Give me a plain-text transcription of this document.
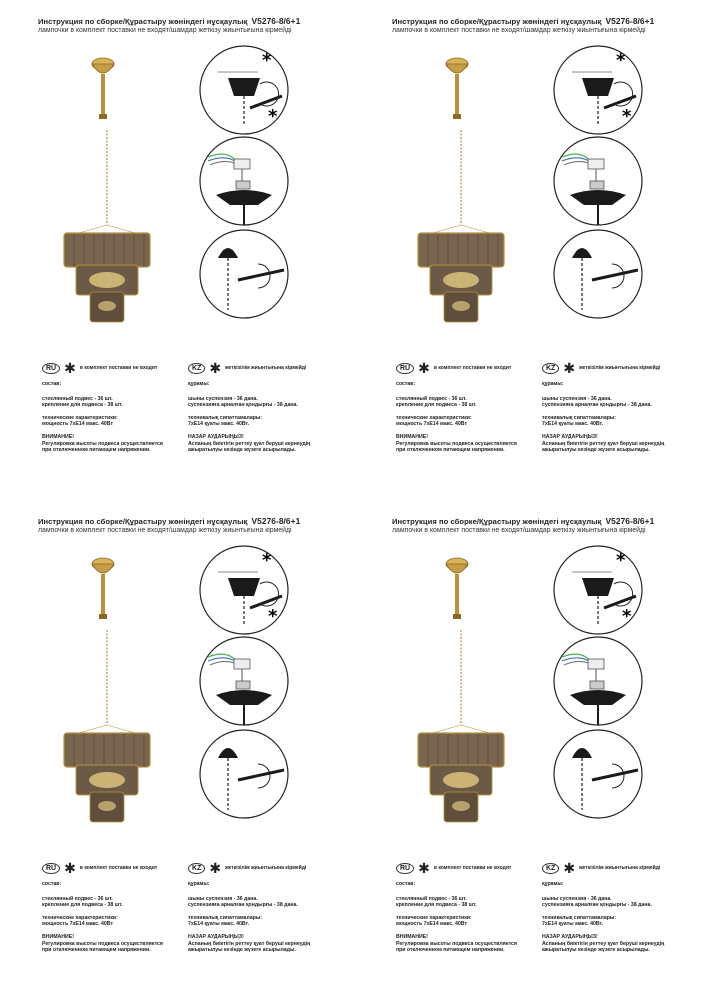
Инструкция по сборке/Құрастыру жөніндегі нұсқаулық V5276-8/6+1
лампочки в комплект поставки не входят/шамдар жеткізу жиынтығына кірмейді
*
*
RU ✱ в комплект поставки не входит
состав:
стеклянный подвес - 36 шт.
крепление для подвеса - 38 шт.
технические характеристики:
мощность 7хЕ14 макс. 40Вт
ВНИМАНИЕ!
Регулировка высоты подвеса осуществляется
при отключенном питающем напряжении.
KZ ✱ жеткізілім жиынтығына кірмейді
құрамы:
шыны суспензия - 36 дана.
суспензияға арналған қондырғы - 38 дана.
техникалық сипаттамалары:
7хЕ14 қуаты макс. 40Вт.
НАЗАР АУДАРЫҢЫЗ!
Аспаның биіктігін реттеу қуат беруші кернеудің
ажыратылуы кезінде жүзеге асырылады.
Инструкция по сборке/Құрастыру жөніндегі нұсқаулық V5276-8/6+1
лампочки в комплект поставки не входят/шамдар жеткізу жиынтығына кірмейді
*
*
RU ✱ в комплект поставки не входит
состав:
стеклянный подвес - 36 шт.
крепление для подвеса - 38 шт.
технические характеристики:
мощность 7хЕ14 макс. 40Вт
ВНИМАНИЕ!
Регулировка высоты подвеса осуществляется
при отключенном питающем напряжении.
KZ ✱ жеткізілім жиынтығына кірмейді
құрамы:
шыны суспензия - 36 дана.
суспензияға арналған қондырғы - 38 дана.
техникалық сипаттамалары:
7хЕ14 қуаты макс. 40Вт.
НАЗАР АУДАРЫҢЫЗ!
Аспаның биіктігін реттеу қуат беруші кернеудің
ажыратылуы кезінде жүзеге асырылады.
Инструкция по сборке/Құрастыру жөніндегі нұсқаулық V5276-8/6+1
лампочки в комплект поставки не входят/шамдар жеткізу жиынтығына кірмейді
*
*
RU ✱ в комплект поставки не входит
состав:
стеклянный подвес - 36 шт.
крепление для подвеса - 38 шт.
технические характеристики:
мощность 7хЕ14 макс. 40Вт
ВНИМАНИЕ!
Регулировка высоты подвеса осуществляется
при отключенном питающем напряжении.
KZ ✱ жеткізілім жиынтығына кірмейді
құрамы:
шыны суспензия - 36 дана.
суспензияға арналған қондырғы - 38 дана.
техникалық сипаттамалары:
7хЕ14 қуаты макс. 40Вт.
НАЗАР АУДАРЫҢЫЗ!
Аспаның биіктігін реттеу қуат беруші кернеудің
ажыратылуы кезінде жүзеге асырылады.
Инструкция по сборке/Құрастыру жөніндегі нұсқаулық V5276-8/6+1
лампочки в комплект поставки не входят/шамдар жеткізу жиынтығына кірмейді
*
*
RU ✱ в комплект поставки не входит
состав:
стеклянный подвес - 36 шт.
крепление для подвеса - 38 шт.
технические характеристики:
мощность 7хЕ14 макс. 40Вт
ВНИМАНИЕ!
Регулировка высоты подвеса осуществляется
при отключенном питающем напряжении.
KZ ✱ жеткізілім жиынтығына кірмейді
құрамы:
шыны суспензия - 36 дана.
суспензияға арналған қондырғы - 38 дана.
техникалық сипаттамалары:
7хЕ14 қуаты макс. 40Вт.
НАЗАР АУДАРЫҢЫЗ!
Аспаның биіктігін реттеу қуат беруші кернеудің
ажыратылуы кезінде жүзеге асырылады.
